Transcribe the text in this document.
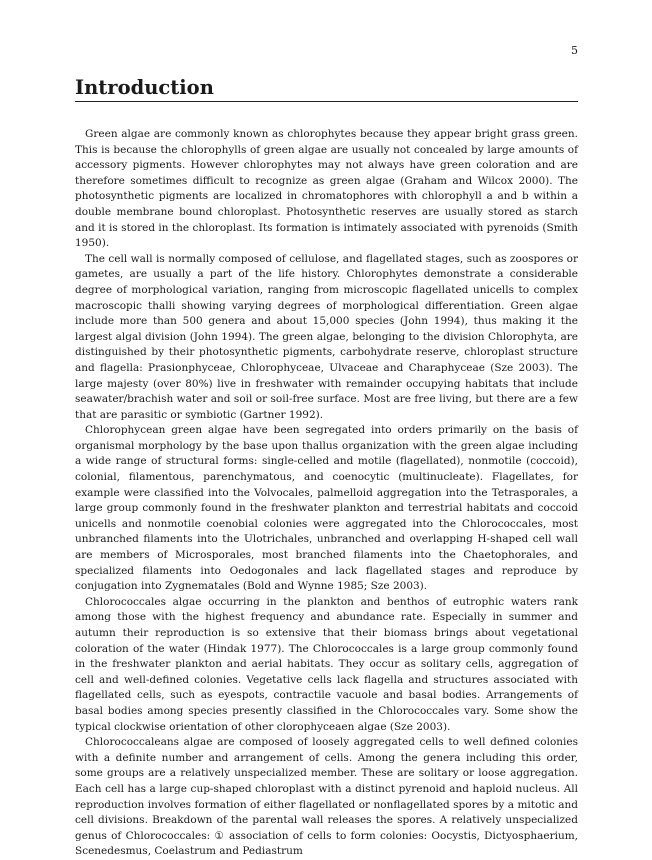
5
Introduction

Green algae are commonly known as chlorophytes because they appear bright grass green. This is because the chlorophylls of green algae are usually not concealed by large amounts of accessory pigments. However chlorophytes may not always have green coloration and are therefore sometimes difficult to recognize as green algae (Graham and Wilcox 2000). The photosynthetic pigments are localized in chromatophores with chlorophyll a and b within a double membrane bound chloroplast. Photosynthetic reserves are usually stored as starch and it is stored in the chloroplast. Its formation is intimately associated with pyrenoids (Smith 1950).

The cell wall is normally composed of cellulose, and flagellated stages, such as zoospores or gametes, are usually a part of the life history. Chlorophytes demonstrate a considerable degree of morphological variation, ranging from microscopic flagellated unicells to complex macroscopic thalli showing varying degrees of morphological differentiation. Green algae include more than 500 genera and about 15,000 species (John 1994), thus making it the largest algal division (John 1994). The green algae, belonging to the division Chlorophyta, are distinguished by their photosynthetic pigments, carbohydrate reserve, chloroplast structure and flagella: Prasionphyceae, Chlorophyceae, Ulvaceae and Charaphyceae (Sze 2003). The large majesty (over 80%) live in freshwater with remainder occupying habitats that include seawater/brachish water and soil or soil-free surface. Most are free living, but there are a few that are parasitic or symbiotic (Gartner 1992).

Chlorophycean green algae have been segregated into orders primarily on the basis of organismal morphology by the base upon thallus organization with the green algae including a wide range of structural forms: single-celled and motile (flagellated), nonmotile (coccoid), colonial, filamentous, parenchymatous, and coenocytic (multinucleate). Flagellates, for example were classified into the Volvocales, palmelloid aggregation into the Tetrasporales, a large group commonly found in the freshwater plankton and terrestrial habitats and coccoid unicells and nonmotile coenobial colonies were aggregated into the Chlorococcales, most unbranched filaments into the Ulotrichales, unbranched and overlapping H-shaped cell wall are members of Microsporales, most branched filaments into the Chaetophorales, and specialized filaments into Oedogonales and lack flagellated stages and reproduce by conjugation into Zygnematales (Bold and Wynne 1985; Sze 2003).

Chlorococcales algae occurring in the plankton and benthos of eutrophic waters rank among those with the highest frequency and abundance rate. Especially in summer and autumn their reproduction is so extensive that their biomass brings about vegetational coloration of the water (Hindak 1977). The Chlorococcales is a large group commonly found in the freshwater plankton and aerial habitats. They occur as solitary cells, aggregation of cell and well-defined colonies. Vegetative cells lack flagella and structures associated with flagellated cells, such as eyespots, contractile vacuole and basal bodies. Arrangements of basal bodies among species presently classified in the Chlorococcales vary. Some show the typical clockwise orientation of other clorophyceaen algae (Sze 2003).

Chlorococcaleans algae are composed of loosely aggregated cells to well defined colonies with a definite number and arrangement of cells. Among the genera including this order, some groups are a relatively unspecialized member. These are solitary or loose aggregation. Each cell has a large cup-shaped chloroplast with a distinct pyrenoid and haploid nucleus. All reproduction involves formation of either flagellated or nonflagellated spores by a mitotic and cell divisions. Breakdown of the parental wall releases the spores. A relatively unspecialized genus of Chlorococcales: ① association of cells to form colonies: Oocystis, Dictyosphaerium, Scenedesmus, Coelastrum and Pediastrum
